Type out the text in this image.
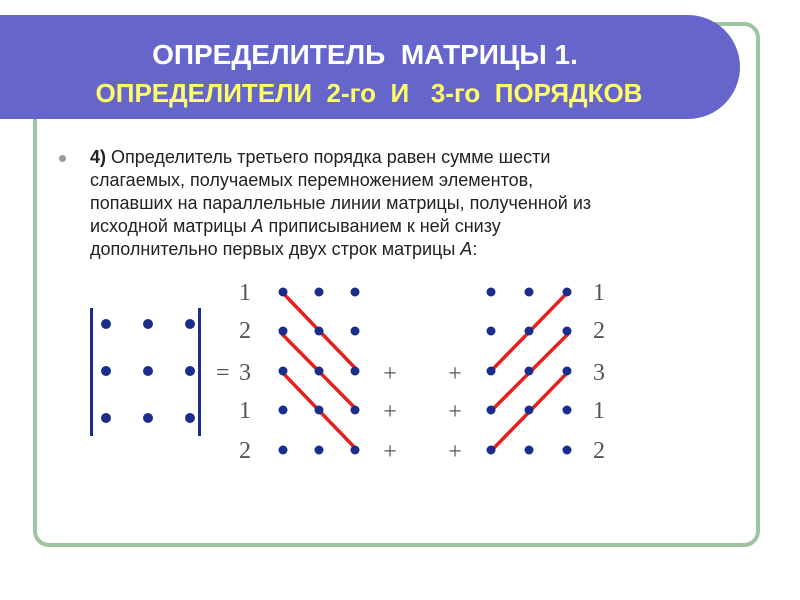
ОПРЕДЕЛИТЕЛЬ  МАТРИЦЫ 1.
ОПРЕДЕЛИТЕЛИ  2-го  И   3-го  ПОРЯДКОВ
4) Определитель третьего порядка равен сумме шести
слагаемых, получаемых перемножением элементов,
попавших на параллельные линии матрицы, полученной из
исходной матрицы A приписыванием к ней снизу
дополнительно первых двух строк матрицы A:
=
1
2
3
1
2
+
+
+
+
+
+
1
2
3
1
2
